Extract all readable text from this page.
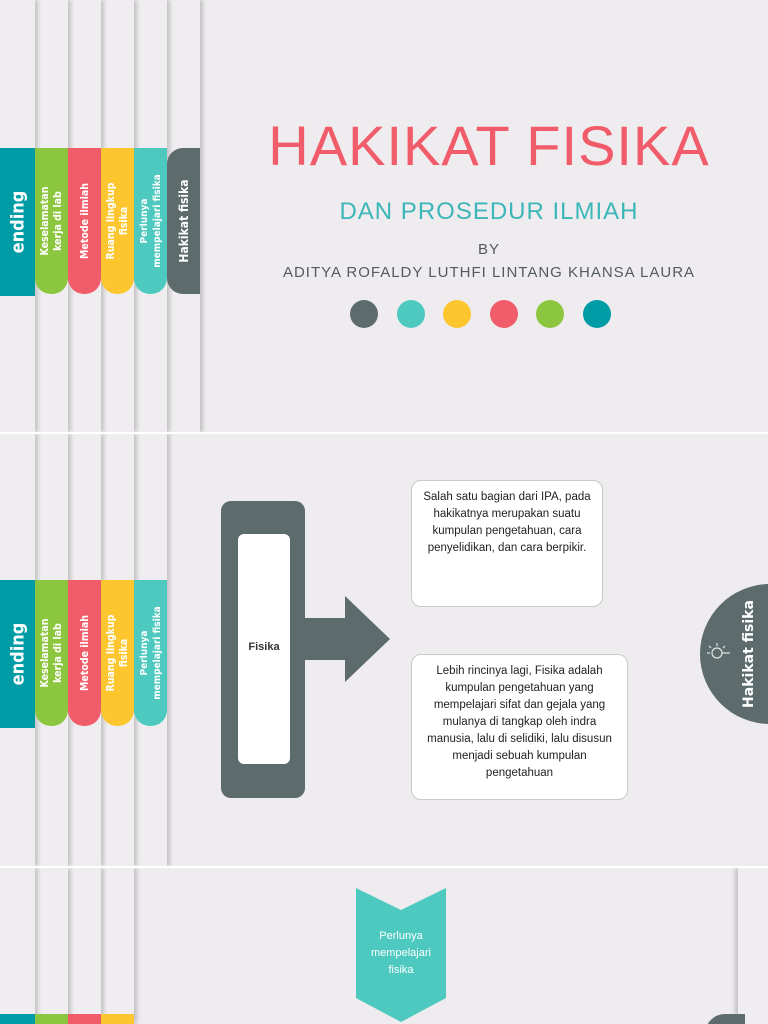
ending Keselamatan
kerja di lab Metode ilmiah Ruang lingkup
fisika Perlunya
mempelajari fisika Hakikat fisika
HAKIKAT FISIKA
DAN PROSEDUR ILMIAH
BY
ADITYA ROFALDY LUTHFI LINTANG KHANSA LAURA
ending Keselamatan
kerja di lab Metode ilmiah Ruang lingkup
fisika Perlunya
mempelajari fisika
Fisika
Salah satu bagian dari IPA, pada hakikatnya merupakan suatu kumpulan pengetahuan, cara penyelidikan, dan cara berpikir.
Lebih rincinya lagi, Fisika adalah kumpulan pengetahuan yang mempelajari sifat dan gejala yang mulanya di tangkap oleh indra manusia, lalu di selidiki, lalu disusun menjadi sebuah kumpulan pengetahuan
Hakikat fisika
Perlunya
mempelajari
fisika
